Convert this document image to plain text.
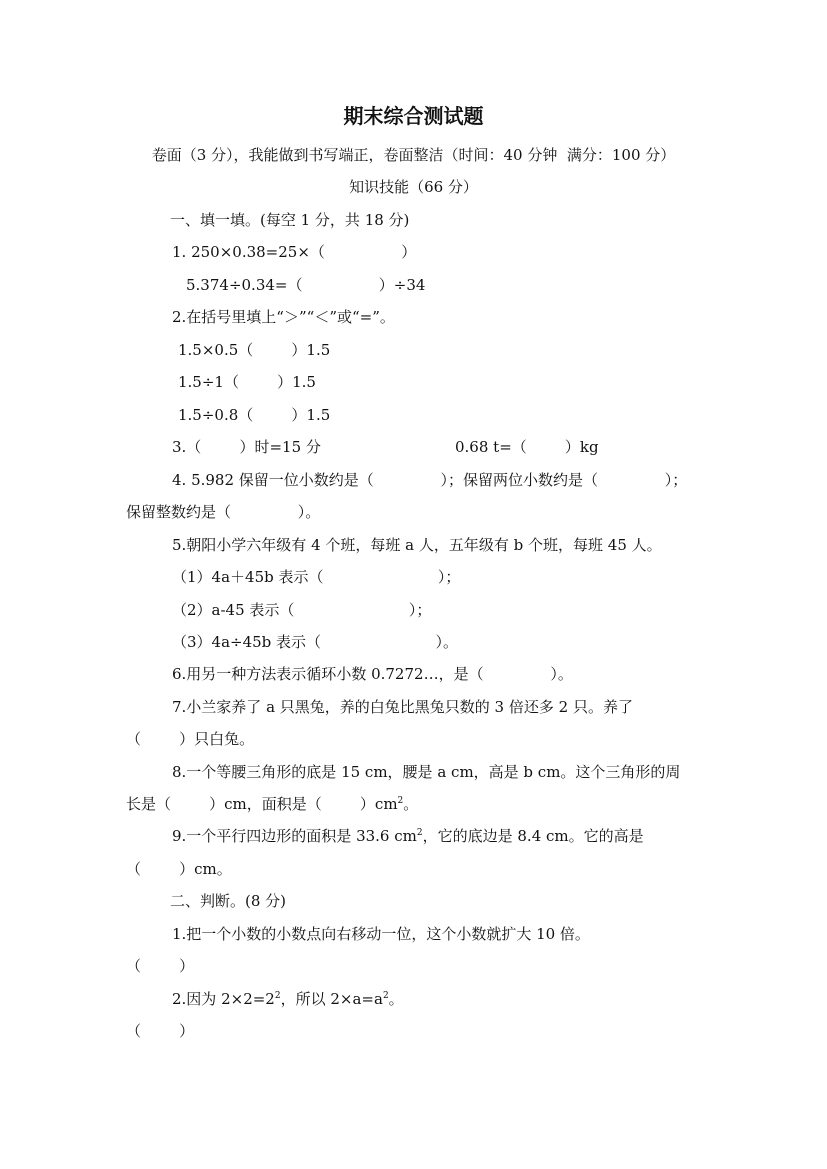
期末综合测试题
卷面（3 分），我能做到书写端正，卷面整洁（时间：40 分钟  满分：100 分）
知识技能（66 分）
一、填一填。(每空 1 分，共 18 分)
1. 250×0.38=25×（                ）
5.374÷0.34=（                ）÷34
2.在括号里填上“＞”“＜”或“=”。
1.5×0.5（        ）1.5
1.5÷1（        ）1.5
1.5÷0.8（        ）1.5
3.（        ）时=15 分	0.68 t=（        ）kg
4. 5.982 保留一位小数约是（              ）；保留两位小数约是（              ）；
保留整数约是（              ）。
5.朝阳小学六年级有 4 个班，每班 a 人，五年级有 b 个班，每班 45 人。
（1）4a＋45b 表示（                        ）；
（2）a-45 表示（                        ）；
（3）4a÷45b 表示（                        ）。
6.用另一种方法表示循环小数 0.7272…，是（              ）。
7.小兰家养了 a 只黑兔，养的白兔比黑兔只数的 3 倍还多 2 只。养了
（        ）只白兔。
8.一个等腰三角形的底是 15 cm，腰是 a cm，高是 b cm。这个三角形的周
长是（        ）cm，面积是（        ）$cm^2$。
9.一个平行四边形的面积是 33.6 $cm^2$，它的底边是 8.4 cm。它的高是
（        ）cm。
二、判断。(8 分)
1.把一个小数的小数点向右移动一位，这个小数就扩大 10 倍。
（        ）
2.因为 $2\times 2=2^2$，所以 $2\times a=a^2$。
（        ）
